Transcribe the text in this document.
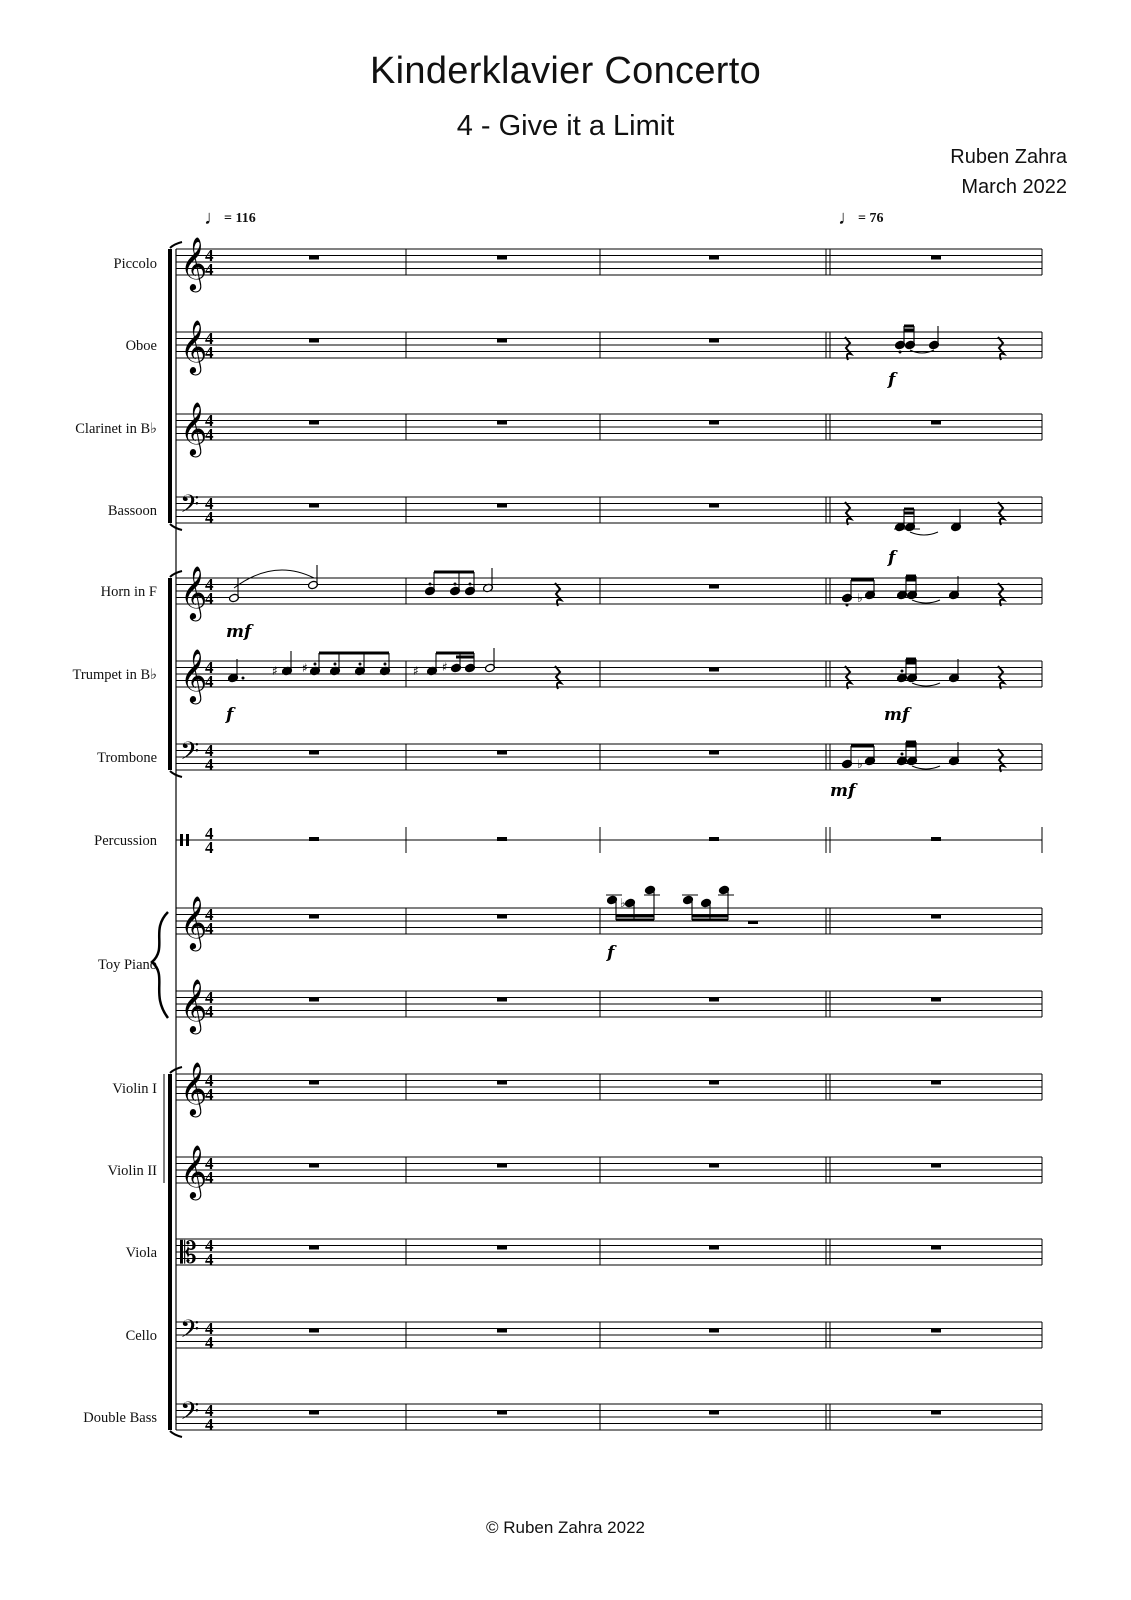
Kinderklavier Concerto
4 - Give it a Limit
Ruben Zahra
March 2022
♩= 116	♩= 76
Piccolo
Oboe
Clarinet in B♭
Bassoon
Horn in F
Trumpet in B♭
Trombone
Percussion
Toy Piano
Violin I
Violin II
Viola
Cello
Double Bass
𝄞
4
4
𝄞
4
4
𝄞
4
4
𝄢 4
4
𝄞
4
4
𝄞
4
4
𝄢 4
4
4
4
𝄞
4
4
𝄞
4
4
𝄞
4
4
𝄞
4
4
𝄡 4
4
𝄢 4
4
𝄢 4
4
♭
♯ ♯	♯ ♯
♭
♭
f
f
mf
f	mf
mf
f
© Ruben Zahra 2022
